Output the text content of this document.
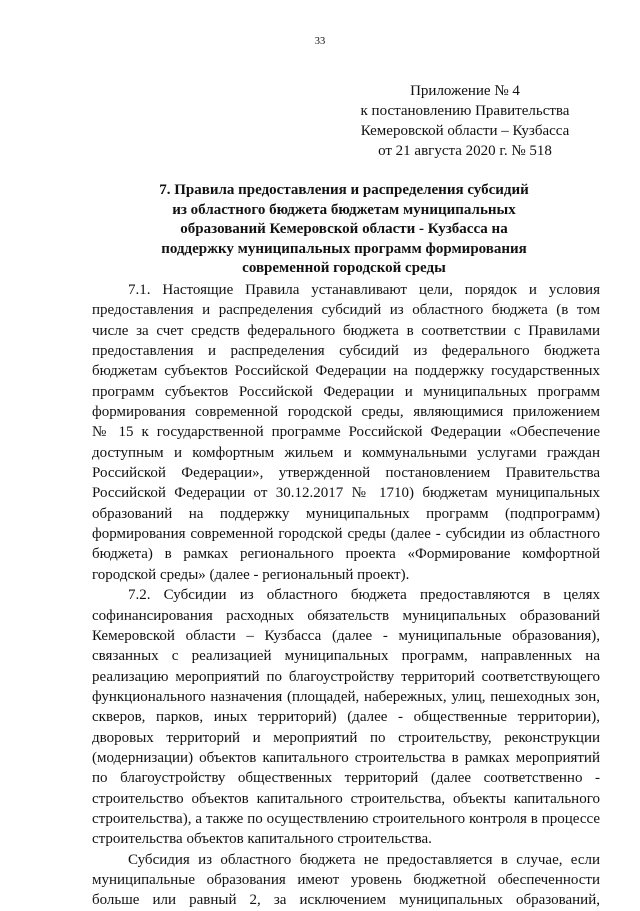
33
Приложение № 4
к постановлению Правительства
Кемеровской области – Кузбасса
от 21 августа 2020 г. № 518
7. Правила предоставления и распределения субсидий
из областного бюджета бюджетам муниципальных
образований Кемеровской области - Кузбасса на
поддержку муниципальных программ формирования
современной городской среды
7.1. Настоящие Правила устанавливают цели, порядок и условия
предоставления и распределения субсидий из областного бюджета (в том
числе за счет средств федерального бюджета в соответствии с Правилами
предоставления и распределения субсидий из федерального бюджета
бюджетам субъектов Российской Федерации на поддержку государственных
программ субъектов Российской Федерации и муниципальных программ
формирования современной городской среды, являющимися приложением
№ 15 к государственной программе Российской Федерации «Обеспечение
доступным и комфортным жильем и коммунальными услугами граждан
Российской Федерации», утвержденной постановлением Правительства
Российской Федерации от 30.12.2017 № 1710) бюджетам муниципальных
образований на поддержку муниципальных программ (подпрограмм)
формирования современной городской среды (далее - субсидии из областного
бюджета) в рамках регионального проекта «Формирование комфортной
городской среды» (далее - региональный проект).
7.2. Субсидии из областного бюджета предоставляются в целях
софинансирования расходных обязательств муниципальных образований
Кемеровской области – Кузбасса (далее - муниципальные образования),
связанных с реализацией муниципальных программ, направленных на
реализацию мероприятий по благоустройству территорий соответствующего
функционального назначения (площадей, набережных, улиц, пешеходных зон,
скверов, парков, иных территорий) (далее - общественные территории),
дворовых территорий и мероприятий по строительству, реконструкции
(модернизации) объектов капитального строительства в рамках мероприятий
по благоустройству общественных территорий (далее соответственно -
строительство объектов капитального строительства, объекты капитального
строительства), а также по осуществлению строительного контроля в процессе
строительства объектов капитального строительства.
Субсидия из областного бюджета не предоставляется в случае, если
муниципальные образования имеют уровень бюджетной обеспеченности
больше или равный 2, за исключением муниципальных образований,
